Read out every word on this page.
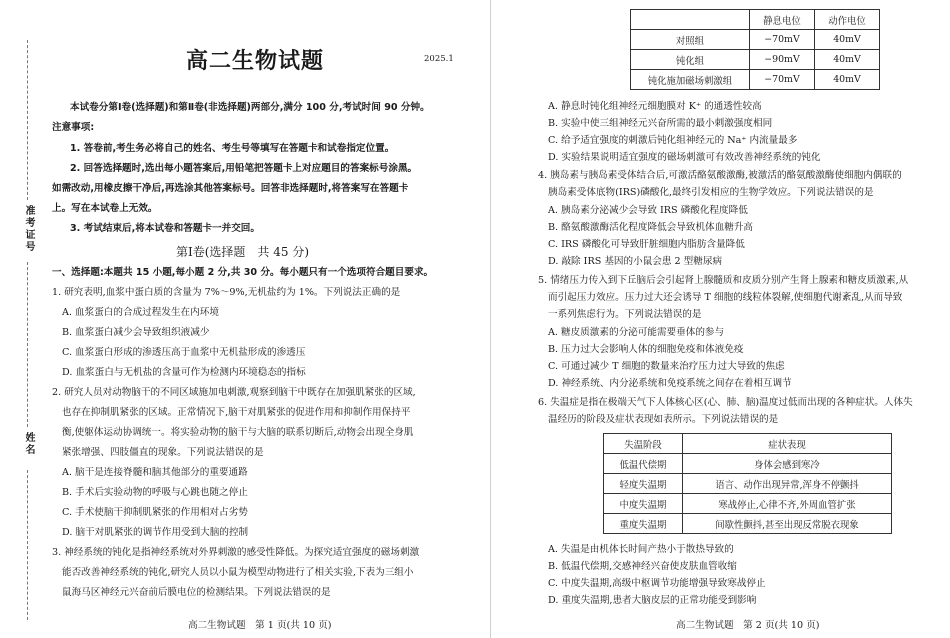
准考证号
姓名
高二生物试题	2025.1
本试卷分第Ⅰ卷(选择题)和第Ⅱ卷(非选择题)两部分,满分 100 分,考试时间 90 分钟。
注意事项:
1. 答卷前,考生务必将自己的姓名、考生号等填写在答题卡和试卷指定位置。
2. 回答选择题时,选出每小题答案后,用铅笔把答题卡上对应题目的答案标号涂黑。
如需改动,用橡皮擦干净后,再选涂其他答案标号。回答非选择题时,将答案写在答题卡
上。写在本试卷上无效。
3. 考试结束后,将本试卷和答题卡一并交回。
第Ⅰ卷(选择题　共 45 分)
一、选择题:本题共 15 小题,每小题 2 分,共 30 分。每小题只有一个选项符合题目要求。
1. 研究表明,血浆中蛋白质的含量为 7%～9%,无机盐约为 1%。下列说法正确的是
A. 血浆蛋白的合成过程发生在内环境
B. 血浆蛋白减少会导致组织液减少
C. 血浆蛋白形成的渗透压高于血浆中无机盐形成的渗透压
D. 血浆蛋白与无机盐的含量可作为检测内环境稳态的指标
2. 研究人员对动物脑干的不同区域施加电刺激,观察到脑干中既存在加强肌紧张的区域,
也存在抑制肌紧张的区域。正常情况下,脑干对肌紧张的促进作用和抑制作用保持平
衡,使躯体运动协调统一。将实验动物的脑干与大脑的联系切断后,动物会出现全身肌
紧张增强、四肢僵直的现象。下列说法错误的是
A. 脑干是连接脊髓和脑其他部分的重要通路
B. 手术后实验动物的呼吸与心跳也随之停止
C. 手术使脑干抑制肌紧张的作用相对占劣势
D. 脑干对肌紧张的调节作用受到大脑的控制
3. 神经系统的钝化是指神经系统对外界刺激的感受性降低。为探究适宜强度的磁场刺激
能否改善神经系统的钝化,研究人员以小鼠为模型动物进行了相关实验,下表为三组小
鼠海马区神经元兴奋前后膜电位的检测结果。下列说法错误的是
高二生物试题　第 1 页(共 10 页)
	静息电位	动作电位
对照组	−70mV	40mV
钝化组	−90mV	40mV
钝化施加磁场刺激组	−70mV	40mV
A. 静息时钝化组神经元细胞膜对 K⁺ 的通透性较高
B. 实验中使三组神经元兴奋所需的最小刺激强度相同
C. 给予适宜强度的刺激后钝化组神经元的 Na⁺ 内流量最多
D. 实验结果说明适宜强度的磁场刺激可有效改善神经系统的钝化
4. 胰岛素与胰岛素受体结合后,可激活酪氨酸激酶,被激活的酪氨酸激酶使细胞内偶联的
胰岛素受体底物(IRS)磷酸化,最终引发相应的生物学效应。下列说法错误的是
A. 胰岛素分泌减少会导致 IRS 磷酸化程度降低
B. 酪氨酸激酶活化程度降低会导致机体血糖升高
C. IRS 磷酸化可导致肝脏细胞内脂肪含量降低
D. 敲除 IRS 基因的小鼠会患 2 型糖尿病
5. 情绪压力传入到下丘脑后会引起肾上腺髓质和皮质分别产生肾上腺素和糖皮质激素,从
而引起压力效应。压力过大还会诱导 T 细胞的线粒体裂解,使细胞代谢紊乱,从而导致
一系列焦虑行为。下列说法错误的是
A. 糖皮质激素的分泌可能需要垂体的参与
B. 压力过大会影响人体的细胞免疫和体液免疫
C. 可通过减少 T 细胞的数量来治疗压力过大导致的焦虑
D. 神经系统、内分泌系统和免疫系统之间存在着相互调节
6. 失温症是指在极端天气下人体核心区(心、肺、脑)温度过低而出现的各种症状。人体失
温经历的阶段及症状表现如表所示。下列说法错误的是
失温阶段	症状表现
低温代偿期	身体会感到寒冷
轻度失温期	语言、动作出现异常,浑身不停颤抖
中度失温期	寒战停止,心律不齐,外周血管扩张
重度失温期	间歇性颤抖,甚至出现反常脱衣现象
A. 失温是由机体长时间产热小于散热导致的
B. 低温代偿期,交感神经兴奋使皮肤血管收缩
C. 中度失温期,高级中枢调节功能增强导致寒战停止
D. 重度失温期,患者大脑皮层的正常功能受到影响
高二生物试题　第 2 页(共 10 页)
